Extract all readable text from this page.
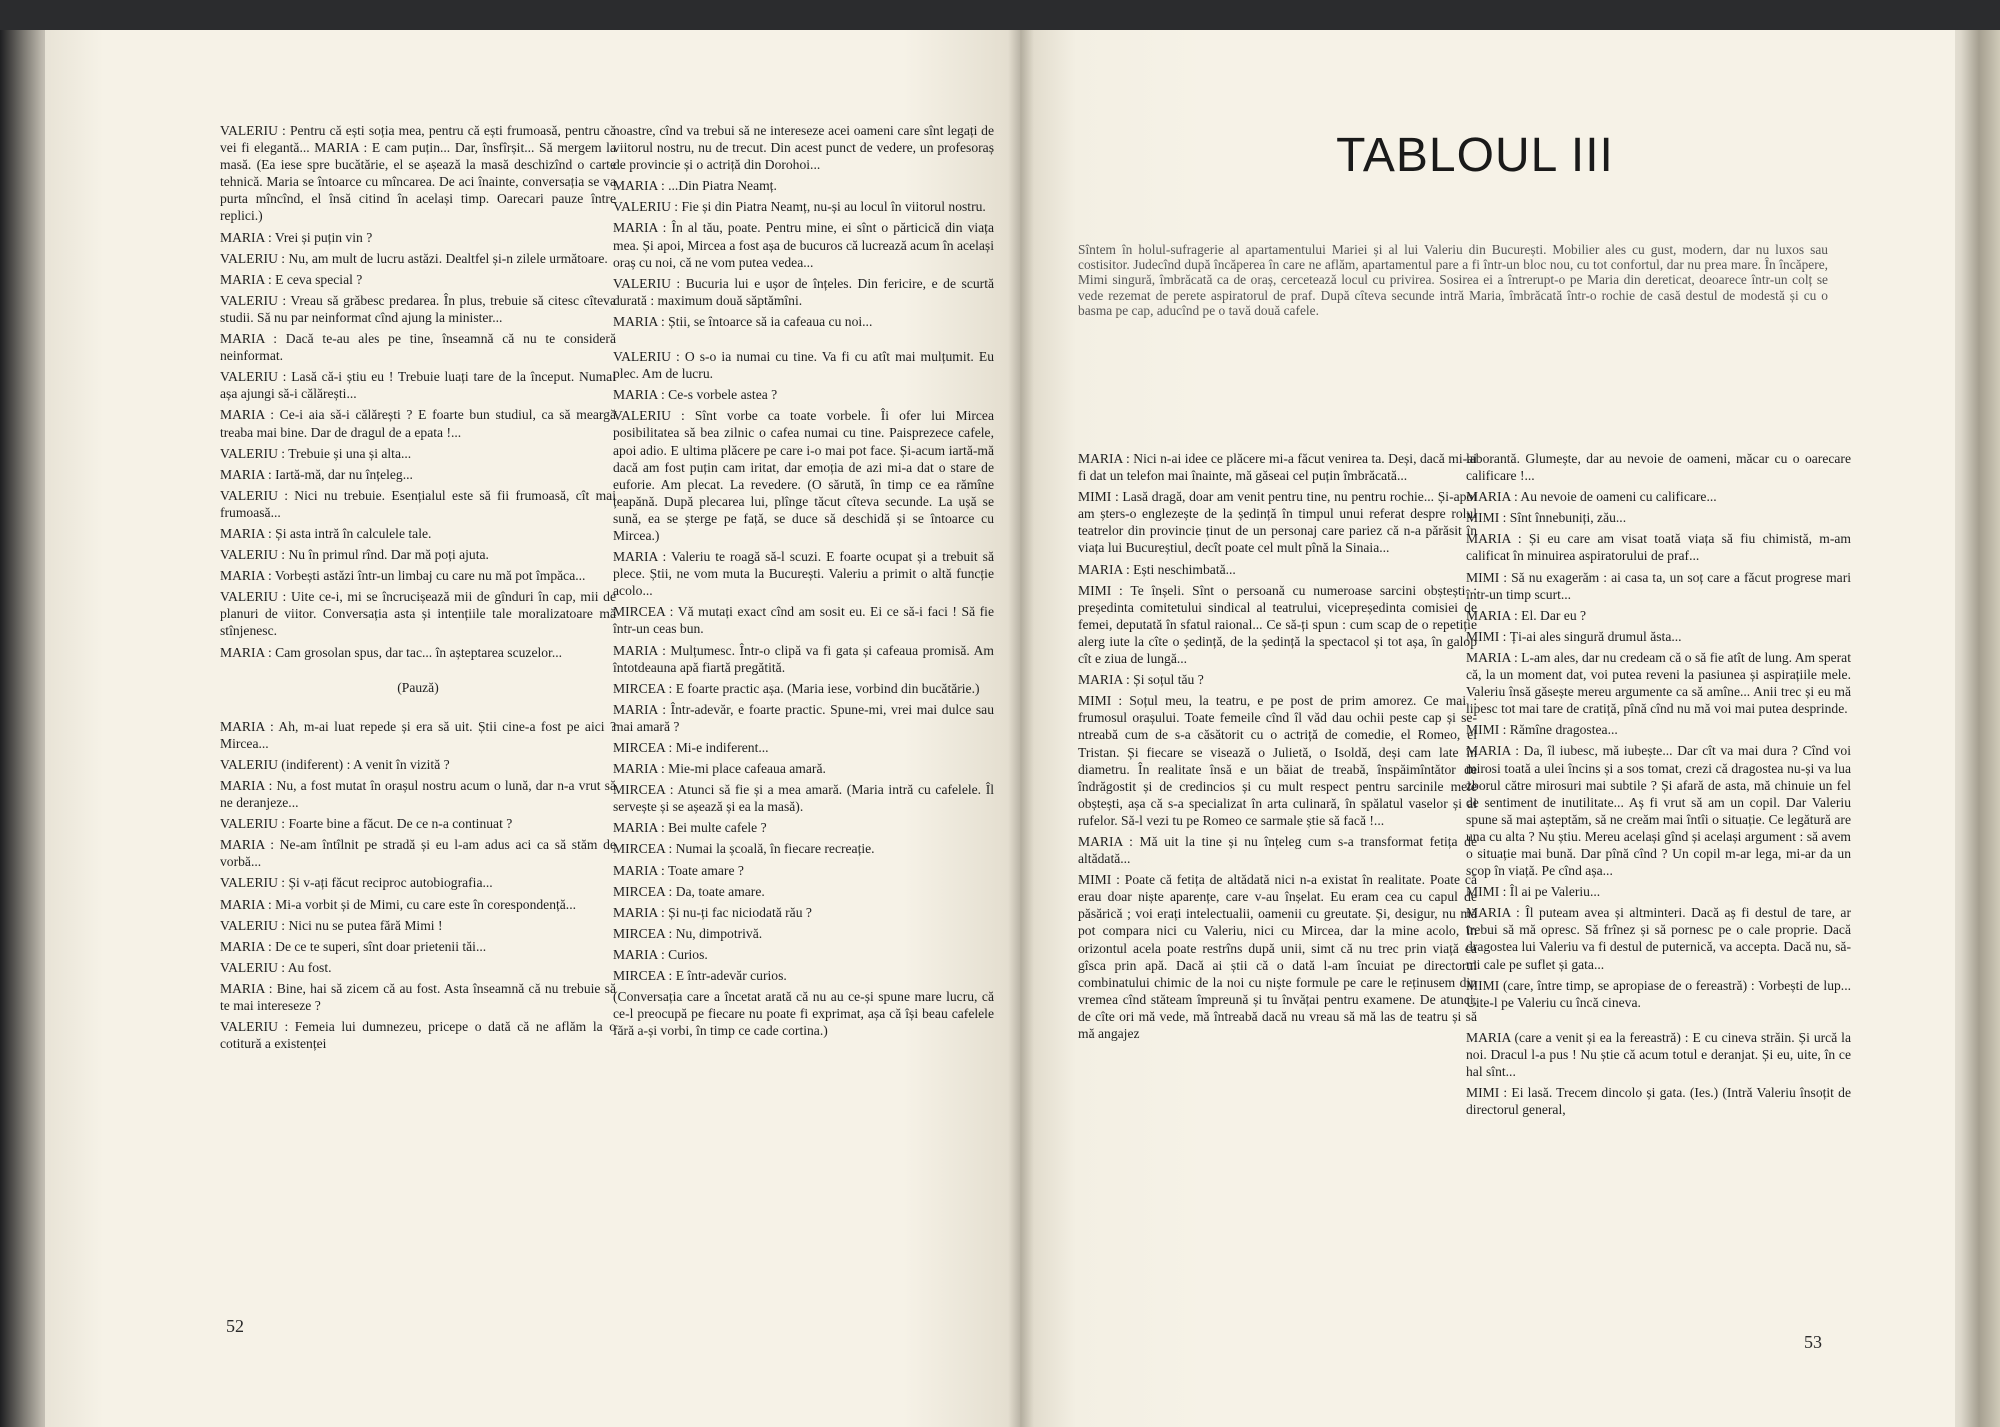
VALERIU : Pentru că ești soția mea, pentru că ești frumoasă, pentru că vei fi elegantă... MARIA : E cam puțin... Dar, însfîrșit... Să mergem la masă. (Ea iese spre bucătărie, el se așează la masă deschizînd o carte tehnică. Maria se întoarce cu mîncarea. De aci înainte, conversația se va purta mîncînd, el însă citind în același timp. Oarecari pauze între replici.)

MARIA : Vrei și puțin vin ?

VALERIU : Nu, am mult de lucru astăzi. Dealtfel și-n zilele următoare.

MARIA : E ceva special ?

VALERIU : Vreau să grăbesc predarea. În plus, trebuie să citesc cîteva studii. Să nu par neinformat cînd ajung la minister...

MARIA : Dacă te-au ales pe tine, înseamnă că nu te consideră neinformat.

VALERIU : Lasă că-i știu eu ! Trebuie luați tare de la început. Numai așa ajungi să-i călărești...

MARIA : Ce-i aia să-i călărești ? E foarte bun studiul, ca să meargă treaba mai bine. Dar de dragul de a epata !...

VALERIU : Trebuie și una și alta...

MARIA : Iartă-mă, dar nu înțeleg...

VALERIU : Nici nu trebuie. Esențialul este să fii frumoasă, cît mai frumoasă...

MARIA : Și asta intră în calculele tale.

VALERIU : Nu în primul rînd. Dar mă poți ajuta.

MARIA : Vorbești astăzi într-un limbaj cu care nu mă pot împăca...

VALERIU : Uite ce-i, mi se încrucișează mii de gînduri în cap, mii de planuri de viitor. Conversația asta și intențiile tale moralizatoare mă stînjenesc.

MARIA : Cam grosolan spus, dar tac... în așteptarea scuzelor...

(Pauză)

MARIA : Ah, m-ai luat repede și era să uit. Știi cine-a fost pe aici ? Mircea...

VALERIU (indiferent) : A venit în vizită ?

MARIA : Nu, a fost mutat în orașul nostru acum o lună, dar n-a vrut să ne deranjeze...

VALERIU : Foarte bine a făcut. De ce n-a continuat ?

MARIA : Ne-am întîlnit pe stradă și eu l-am adus aci ca să stăm de vorbă...

VALERIU : Și v-ați făcut reciproc autobiografia...

MARIA : Mi-a vorbit și de Mimi, cu care este în corespondență...

VALERIU : Nici nu se putea fără Mimi !

MARIA : De ce te superi, sînt doar prietenii tăi...

VALERIU : Au fost.

MARIA : Bine, hai să zicem că au fost. Asta înseamnă că nu trebuie să te mai intereseze ?

VALERIU : Femeia lui dumnezeu, pricepe o dată că ne aflăm la o cotitură a existenței

noastre, cînd va trebui să ne intereseze acei oameni care sînt legați de viitorul nostru, nu de trecut. Din acest punct de vedere, un profesoraș de provincie și o actriță din Dorohoi...

MARIA : ...Din Piatra Neamț.

VALERIU : Fie și din Piatra Neamț, nu-și au locul în viitorul nostru.

MARIA : În al tău, poate. Pentru mine, ei sînt o părticică din viața mea. Și apoi, Mircea a fost așa de bucuros că lucrează acum în același oraș cu noi, că ne vom putea vedea...

VALERIU : Bucuria lui e ușor de înțeles. Din fericire, e de scurtă durată : maximum două săptămîni.

MARIA : Știi, se întoarce să ia cafeaua cu noi...

VALERIU : O s-o ia numai cu tine. Va fi cu atît mai mulțumit. Eu plec. Am de lucru.

MARIA : Ce-s vorbele astea ?

VALERIU : Sînt vorbe ca toate vorbele. Îi ofer lui Mircea posibilitatea să bea zilnic o cafea numai cu tine. Paisprezece cafele, apoi adio. E ultima plăcere pe care i-o mai pot face. Și-acum iartă-mă dacă am fost puțin cam iritat, dar emoția de azi mi-a dat o stare de euforie. Am plecat. La revedere. (O sărută, în timp ce ea rămîne țeapănă. După plecarea lui, plînge tăcut cîteva secunde. La ușă se sună, ea se șterge pe față, se duce să deschidă și se întoarce cu Mircea.)

MARIA : Valeriu te roagă să-l scuzi. E foarte ocupat și a trebuit să plece. Știi, ne vom muta la București. Valeriu a primit o altă funcție acolo...

MIRCEA : Vă mutați exact cînd am sosit eu. Ei ce să-i faci ! Să fie într-un ceas bun.

MARIA : Mulțumesc. Într-o clipă va fi gata și cafeaua promisă. Am întotdeauna apă fiartă pregătită.

MIRCEA : E foarte practic așa. (Maria iese, vorbind din bucătărie.)

MARIA : Într-adevăr, e foarte practic. Spune-mi, vrei mai dulce sau mai amară ?

MIRCEA : Mi-e indiferent...

MARIA : Mie-mi place cafeaua amară.

MIRCEA : Atunci să fie și a mea amară. (Maria intră cu cafelele. Îl servește și se așează și ea la masă).

MARIA : Bei multe cafele ?

MIRCEA : Numai la școală, în fiecare recreație.

MARIA : Toate amare ?

MIRCEA : Da, toate amare.

MARIA : Și nu-ți fac niciodată rău ?

MIRCEA : Nu, dimpotrivă.

MARIA : Curios.

MIRCEA : E într-adevăr curios.

(Conversația care a încetat arată că nu au ce-și spune mare lucru, că ce-l preocupă pe fiecare nu poate fi exprimat, așa că își beau cafelele fără a-și vorbi, în timp ce cade cortina.)

52
TABLOUL III
Sîntem în holul-sufragerie al apartamentului Mariei și al lui Valeriu din București. Mobilier ales cu gust, modern, dar nu luxos sau costisitor. Judecînd după încăperea în care ne aflăm, apartamentul pare a fi într-un bloc nou, cu tot confortul, dar nu prea mare. În încăpere, Mimi singură, îmbrăcată ca de oraș, cercetează locul cu privirea. Sosirea ei a întrerupt-o pe Maria din dereticat, deoarece într-un colț se vede rezemat de perete aspiratorul de praf. După cîteva secunde intră Maria, îmbrăcată într-o rochie de casă destul de modestă și cu o basma pe cap, aducînd pe o tavă două cafele.

MARIA : Nici n-ai idee ce plăcere mi-a făcut venirea ta. Deși, dacă mi-ai fi dat un telefon mai înainte, mă găseai cel puțin îmbrăcată...

MIMI : Lasă dragă, doar am venit pentru tine, nu pentru rochie... Și-apoi am șters-o englezește de la ședință în timpul unui referat despre rolul teatrelor din provincie ținut de un personaj care pariez că n-a părăsit în viața lui Bucureștiul, decît poate cel mult pînă la Sinaia...

MARIA : Ești neschimbată...

MIMI : Te înșeli. Sînt o persoană cu numeroase sarcini obștești : președinta comitetului sindical al teatrului, vicepreședinta comisiei de femei, deputată în sfatul raional... Ce să-ți spun : cum scap de o repetiție alerg iute la cîte o ședință, de la ședință la spectacol și tot așa, în galop cît e ziua de lungă...

MARIA : Și soțul tău ?

MIMI : Soțul meu, la teatru, e pe post de prim amorez. Ce mai : frumosul orașului. Toate femeile cînd îl văd dau ochii peste cap și se-ntreabă cum de s-a căsătorit cu o actriță de comedie, el Romeo, el Tristan. Și fiecare se visează o Julietă, o Isoldă, deși cam late în diametru. În realitate însă e un băiat de treabă, înspăimîntător de îndrăgostit și de credincios și cu mult respect pentru sarcinile mele obștești, așa că s-a specializat în arta culinară, în spălatul vaselor și al rufelor. Să-l vezi tu pe Romeo ce sarmale știe să facă !...

MARIA : Mă uit la tine și nu înțeleg cum s-a transformat fetița de altădată...

MIMI : Poate că fetița de altădată nici n-a existat în realitate. Poate că erau doar niște aparențe, care v-au înșelat. Eu eram cea cu capul de păsărică ; voi erați intelectualii, oamenii cu greutate. Și, desigur, nu mă pot compara nici cu Valeriu, nici cu Mircea, dar la mine acolo, în orizontul acela poate restrîns după unii, simt că nu trec prin viață ca gîsca prin apă. Dacă ai știi că o dată l-am încuiat pe directorul combinatului chimic de la noi cu niște formule pe care le reținusem din vremea cînd stăteam împreună și tu învățai pentru examene. De atunci, de cîte ori mă vede, mă întreabă dacă nu vreau să mă las de teatru și să mă angajez

laborantă. Glumește, dar au nevoie de oameni, măcar cu o oarecare calificare !...

MARIA : Au nevoie de oameni cu calificare...

MIMI : Sînt înnebuniți, zău...

MARIA : Și eu care am visat toată viața să fiu chimistă, m-am calificat în minuirea aspiratorului de praf...

MIMI : Să nu exagerăm : ai casa ta, un soț care a făcut progrese mari într-un timp scurt...

MARIA : El. Dar eu ?

MIMI : Ți-ai ales singură drumul ăsta...

MARIA : L-am ales, dar nu credeam că o să fie atît de lung. Am sperat că, la un moment dat, voi putea reveni la pasiunea și aspirațiile mele. Valeriu însă găsește mereu argumente ca să amîne... Anii trec și eu mă lipesc tot mai tare de cratiță, pînă cînd nu mă voi mai putea desprinde.

MIMI : Rămîne dragostea...

MARIA : Da, îl iubesc, mă iubește... Dar cît va mai dura ? Cînd voi mirosi toată a ulei încins și a sos tomat, crezi că dragostea nu-și va lua zborul către mirosuri mai subtile ? Și afară de asta, mă chinuie un fel de sentiment de inutilitate... Aș fi vrut să am un copil. Dar Valeriu spune să mai așteptăm, să ne creăm mai întîi o situație. Ce legătură are una cu alta ? Nu știu. Mereu același gînd și același argument : să avem o situație mai bună. Dar pînă cînd ? Un copil m-ar lega, mi-ar da un scop în viață. Pe cînd așa...

MIMI : Îl ai pe Valeriu...

MARIA : Îl puteam avea și altminteri. Dacă aș fi destul de tare, ar trebui să mă opresc. Să frînez și să pornesc pe o cale proprie. Dacă dragostea lui Valeriu va fi destul de puternică, va accepta. Dacă nu, să-mi cale pe suflet și gata...

MIMI (care, între timp, se apropiase de o fereastră) : Vorbești de lup... Uite-l pe Valeriu cu încă cineva.

MARIA (care a venit și ea la fereastră) : E cu cineva străin. Și urcă la noi. Dracul l-a pus ! Nu știe că acum totul e deranjat. Și eu, uite, în ce hal sînt...

MIMI : Ei lasă. Trecem dincolo și gata. (Ies.) (Intră Valeriu însoțit de directorul general,

53
